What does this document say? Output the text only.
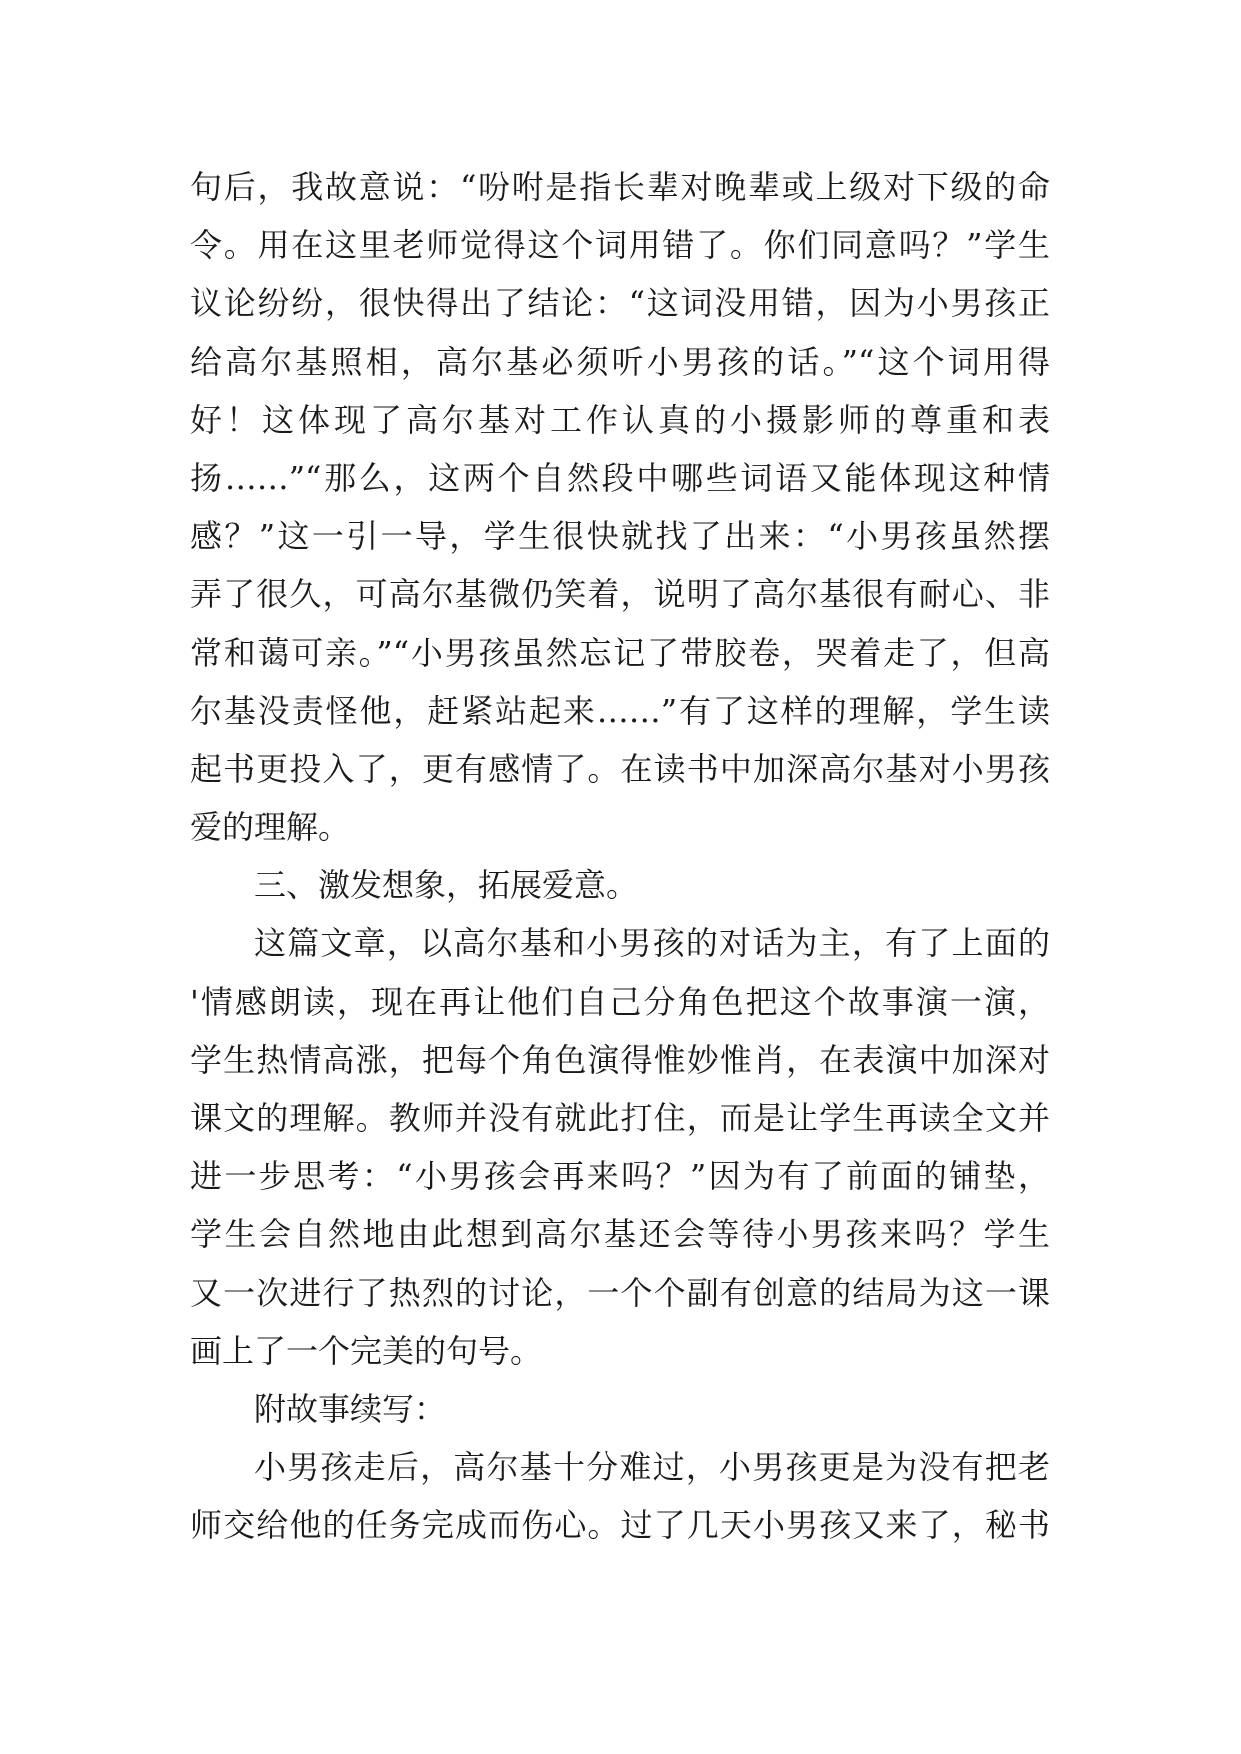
句后，我故意说：“吩咐是指长辈对晚辈或上级对下级的命
令。用在这里老师觉得这个词用错了。你们同意吗？”学生
议论纷纷，很快得出了结论：“这词没用错，因为小男孩正
给高尔基照相，高尔基必须听小男孩的话。”“这个词用得
好！这体现了高尔基对工作认真的小摄影师的尊重和表
扬……”“那么，这两个自然段中哪些词语又能体现这种情
感？”这一引一导，学生很快就找了出来：“小男孩虽然摆
弄了很久，可高尔基微仍笑着，说明了高尔基很有耐心、非
常和蔼可亲。”“小男孩虽然忘记了带胶卷，哭着走了，但高
尔基没责怪他，赶紧站起来……”有了这样的理解，学生读
起书更投入了，更有感情了。在读书中加深高尔基对小男孩
爱的理解。
三、激发想象，拓展爱意。
这篇文章，以高尔基和小男孩的对话为主，有了上面的
'情感朗读，现在再让他们自己分角色把这个故事演一演，
学生热情高涨，把每个角色演得惟妙惟肖，在表演中加深对
课文的理解。教师并没有就此打住，而是让学生再读全文并
进一步思考：“小男孩会再来吗？”因为有了前面的铺垫，
学生会自然地由此想到高尔基还会等待小男孩来吗？学生
又一次进行了热烈的讨论，一个个副有创意的结局为这一课
画上了一个完美的句号。
附故事续写：
小男孩走后，高尔基十分难过，小男孩更是为没有把老
师交给他的任务完成而伤心。过了几天小男孩又来了，秘书
